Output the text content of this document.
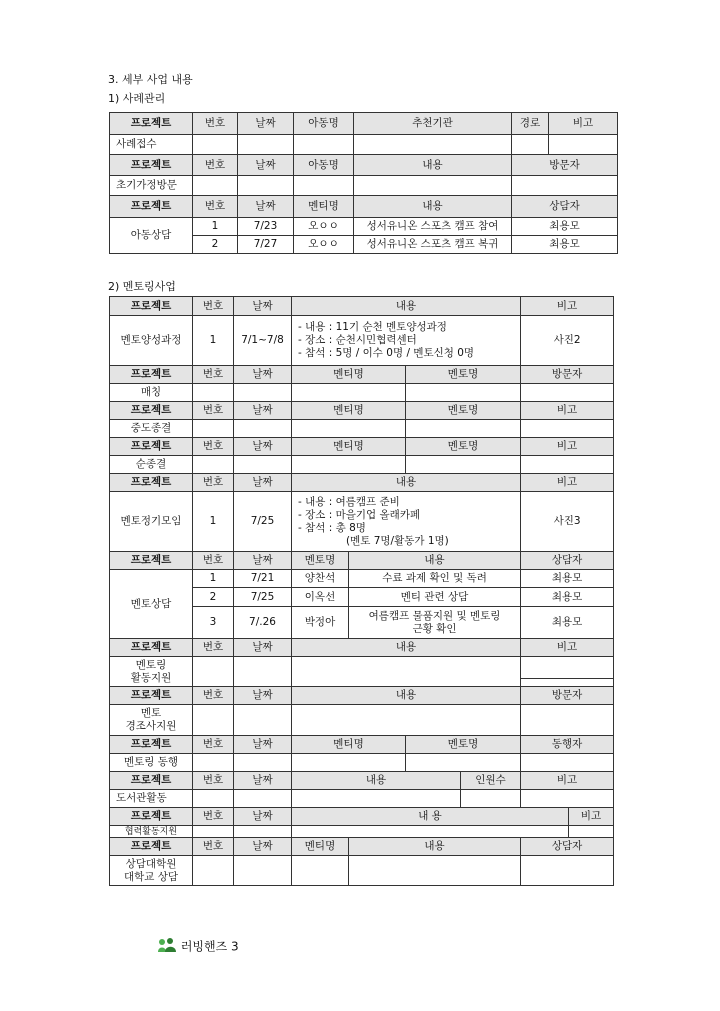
3. 세부 사업 내용
1) 사례관리
프로젝트	번호	날짜	아동명	추천기관	경로	비고
사례접수						
프로젝트	번호	날짜	아동명	내용	방문자	
초기가정방문						
프로젝트	번호	날짜	멘티명	내용	상담자	
아동상담	1	7/23	오ㅇㅇ	성서유니온 스포츠 캠프 참여	최용모	
	2	7/27	오ㅇㅇ	성서유니온 스포츠 캠프 복귀	최용모	
2) 멘토링사업
프로젝트	번호	날짜	내용				비고	
멘토양성과정	1	7/1~7/8	- 내용 : 11기 순천 멘토양성과정
- 장소 : 순천시민협력센터
- 참석 : 5명 / 이수 0명 / 멘토신청 0명				사진2	
프로젝트	번호	날짜	멘티명		멘토명		방문자	
매칭								
프로젝트	번호	날짜	멘티명		멘토명		비고	
중도종결								
프로젝트	번호	날짜	멘티명		멘토명		비고	
순종결								
프로젝트	번호	날짜	내용				비고	
멘토정기모임	1	7/25	- 내용 : 여름캠프 준비
- 장소 : 마을기업 올래카페
- 참석 : 총 8명
(멘토 7명/활동가 1명)				사진3	
프로젝트	번호	날짜	멘토명	내용			상담자	
멘토상담	1	7/21	양찬석	수료 과제 확인 및 독려			최용모	
	2	7/25	이옥선	멘티 관련 상담			최용모	
	3	7/.26	박정아	여름캠프 물품지원 및 멘토링
근황 확인			최용모	
프로젝트	번호	날짜	내용				비고	

멘토링
활동지원								

프로젝트	번호	날짜	내용				방문자	

멘토
경조사지원								

프로젝트	번호	날짜	멘티명		멘토명		동행자	
멘토링 동행								
프로젝트	번호	날짜	내용			인원수	비고	
도서관활동								
프로젝트	번호	날짜	내 용					비고
협력활동지원								
프로젝트	번호	날짜	멘티명	내용			상담자	

상담대학원
대학교 상담								

러빙핸즈 3
